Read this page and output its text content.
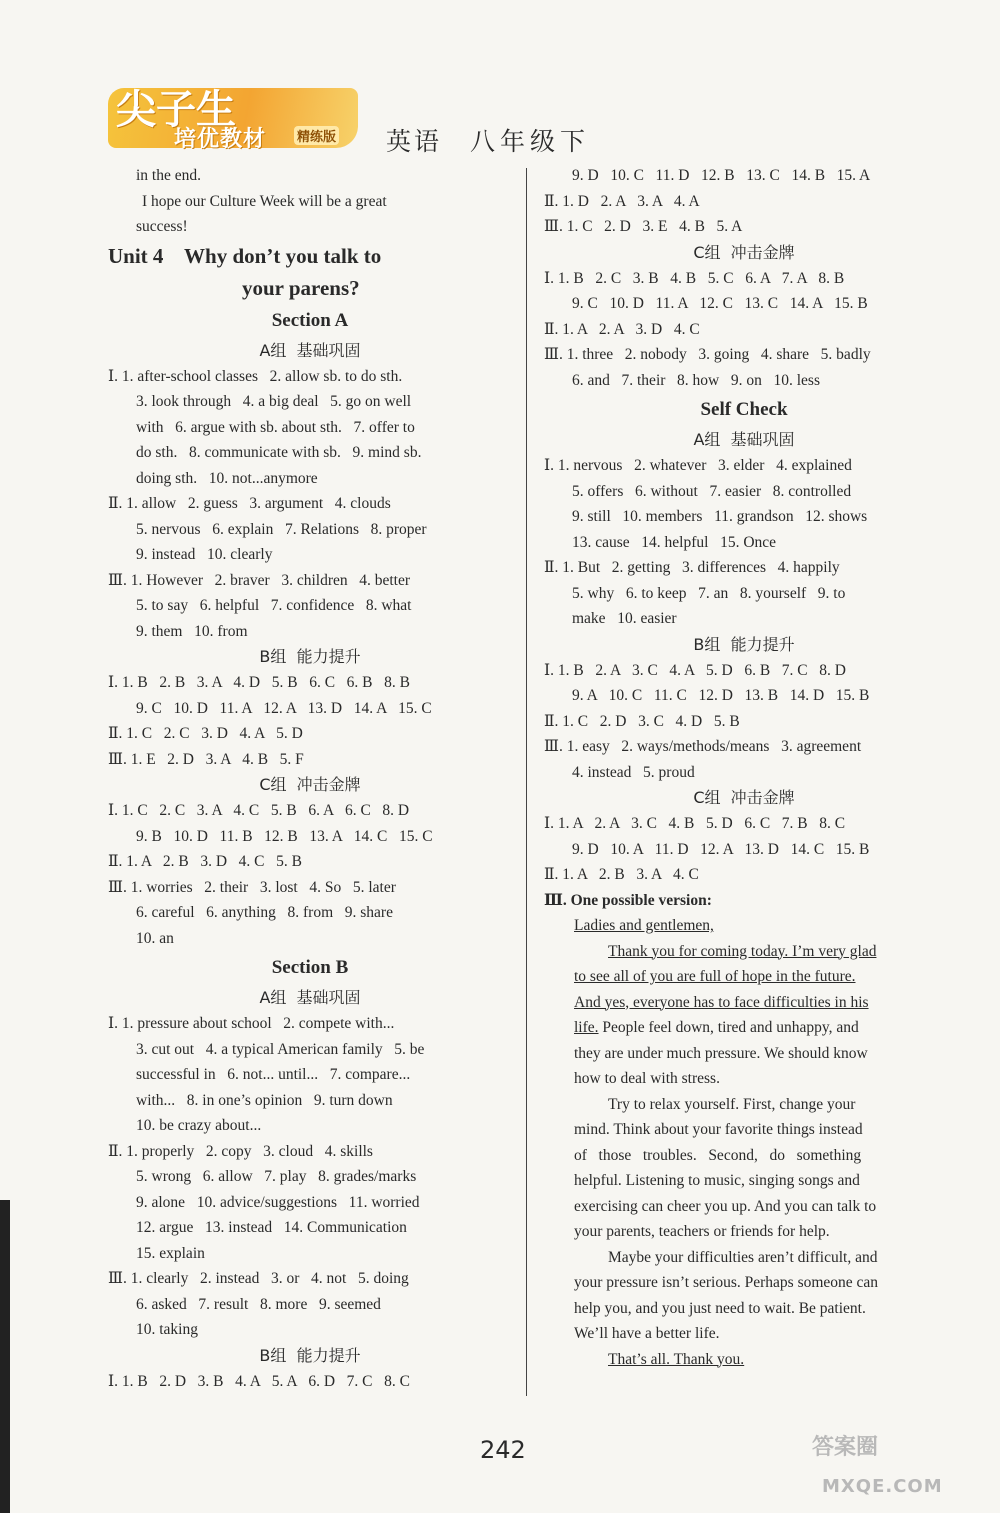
尖子生
培优教材 精练版 英语 八年级下
in the end.
I hope our Culture Week will be a great
success!
Unit 4    Why don’t you talk to
your parens?
Section A
A组  基础巩固
Ⅰ. 1. after-school classes   2. allow sb. to do sth.
3. look through   4. a big deal   5. go on well
with   6. argue with sb. about sth.   7. offer to
do sth.   8. communicate with sb.   9. mind sb.
doing sth.   10. not...anymore
Ⅱ. 1. allow   2. guess   3. argument   4. clouds
5. nervous   6. explain   7. Relations   8. proper
9. instead   10. clearly
Ⅲ. 1. However   2. braver   3. children   4. better
5. to say   6. helpful   7. confidence   8. what
9. them   10. from
B组  能力提升
Ⅰ. 1. B   2. B   3. A   4. D   5. B   6. C   6. B   8. B
9. C   10. D   11. A   12. A   13. D   14. A   15. C
Ⅱ. 1. C   2. C   3. D   4. A   5. D
Ⅲ. 1. E   2. D   3. A   4. B   5. F
C组  冲击金牌
Ⅰ. 1. C   2. C   3. A   4. C   5. B   6. A   6. C   8. D
9. B   10. D   11. B   12. B   13. A   14. C   15. C
Ⅱ. 1. A   2. B   3. D   4. C   5. B
Ⅲ. 1. worries   2. their   3. lost   4. So   5. later
6. careful   6. anything   8. from   9. share
10. an
Section B
A组  基础巩固
Ⅰ. 1. pressure about school   2. compete with...
3. cut out   4. a typical American family   5. be
successful in   6. not... until...   7. compare...
with...   8. in one’s opinion   9. turn down
10. be crazy about...
Ⅱ. 1. properly   2. copy   3. cloud   4. skills
5. wrong   6. allow   7. play   8. grades/marks
9. alone   10. advice/suggestions   11. worried
12. argue   13. instead   14. Communication
15. explain
Ⅲ. 1. clearly   2. instead   3. or   4. not   5. doing
6. asked   7. result   8. more   9. seemed
10. taking
B组  能力提升
Ⅰ. 1. B   2. D   3. B   4. A   5. A   6. D   7. C   8. C
9. D   10. C   11. D   12. B   13. C   14. B   15. A
Ⅱ. 1. D   2. A   3. A   4. A
Ⅲ. 1. C   2. D   3. E   4. B   5. A
C组  冲击金牌
Ⅰ. 1. B   2. C   3. B   4. B   5. C   6. A   7. A   8. B
9. C   10. D   11. A   12. C   13. C   14. A   15. B
Ⅱ. 1. A   2. A   3. D   4. C
Ⅲ. 1. three   2. nobody   3. going   4. share   5. badly
6. and   7. their   8. how   9. on   10. less
Self Check
A组  基础巩固
Ⅰ. 1. nervous   2. whatever   3. elder   4. explained
5. offers   6. without   7. easier   8. controlled
9. still   10. members   11. grandson   12. shows
13. cause   14. helpful   15. Once
Ⅱ. 1. But   2. getting   3. differences   4. happily
5. why   6. to keep   7. an   8. yourself   9. to
make   10. easier
B组  能力提升
Ⅰ. 1. B   2. A   3. C   4. A   5. D   6. B   7. C   8. D
9. A   10. C   11. C   12. D   13. B   14. D   15. B
Ⅱ. 1. C   2. D   3. C   4. D   5. B
Ⅲ. 1. easy   2. ways/methods/means   3. agreement
4. instead   5. proud
C组  冲击金牌
Ⅰ. 1. A   2. A   3. C   4. B   5. D   6. C   7. B   8. C
9. D   10. A   11. D   12. A   13. D   14. C   15. B
Ⅱ. 1. A   2. B   3. A   4. C
Ⅲ. One possible version:
Ladies and gentlemen,
Thank you for coming today. I’m very glad
to see all of you are full of hope in the future.
And yes, everyone has to face difficulties in his
life. People feel down, tired and unhappy, and
they are under much pressure. We should know
how to deal with stress.
Try to relax yourself. First, change your
mind. Think about your favorite things instead
of   those   troubles.   Second,   do   something
helpful. Listening to music, singing songs and
exercising can cheer you up. And you can talk to
your parents, teachers or friends for help.
Maybe your difficulties aren’t difficult, and
your pressure isn’t serious. Perhaps someone can
help you, and you just need to wait. Be patient.
We’ll have a better life.
That’s all. Thank you.
242	答案圈
MXQE.COM
